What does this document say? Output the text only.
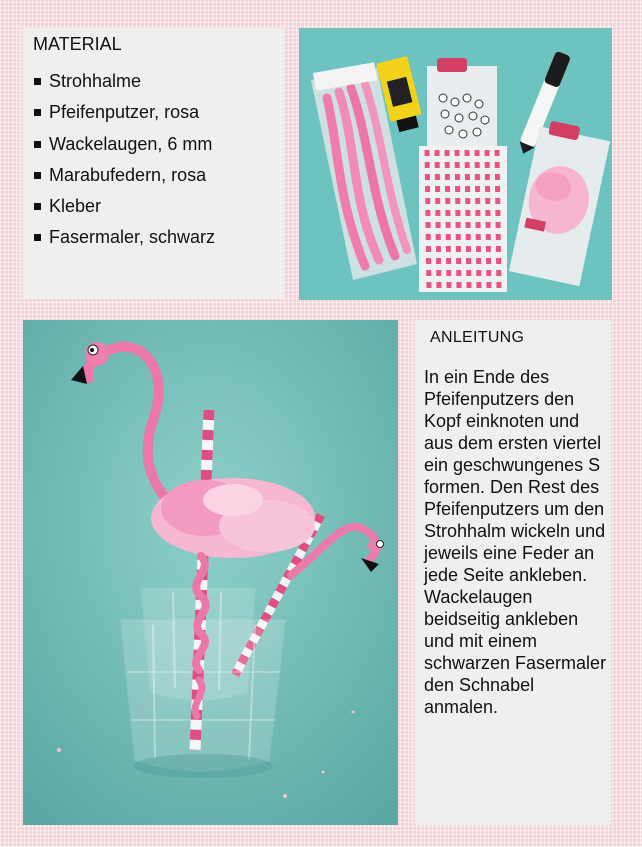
MATERIAL
Strohhalme
Pfeifenputzer, rosa
Wackelaugen, 6 mm
Marabufedern, rosa
Kleber
Fasermaler, schwarz
ANLEITUNG

In ein Ende des Pfeifenputzers den Kopf einknoten und aus dem ersten viertel ein geschwungenes S formen. Den Rest des Pfeifenputzers um den Strohhalm wickeln und jeweils eine Feder an jede Seite ankleben. Wackelaugen beidseitig ankleben und mit einem schwarzen Fasermaler den Schnabel anmalen.
